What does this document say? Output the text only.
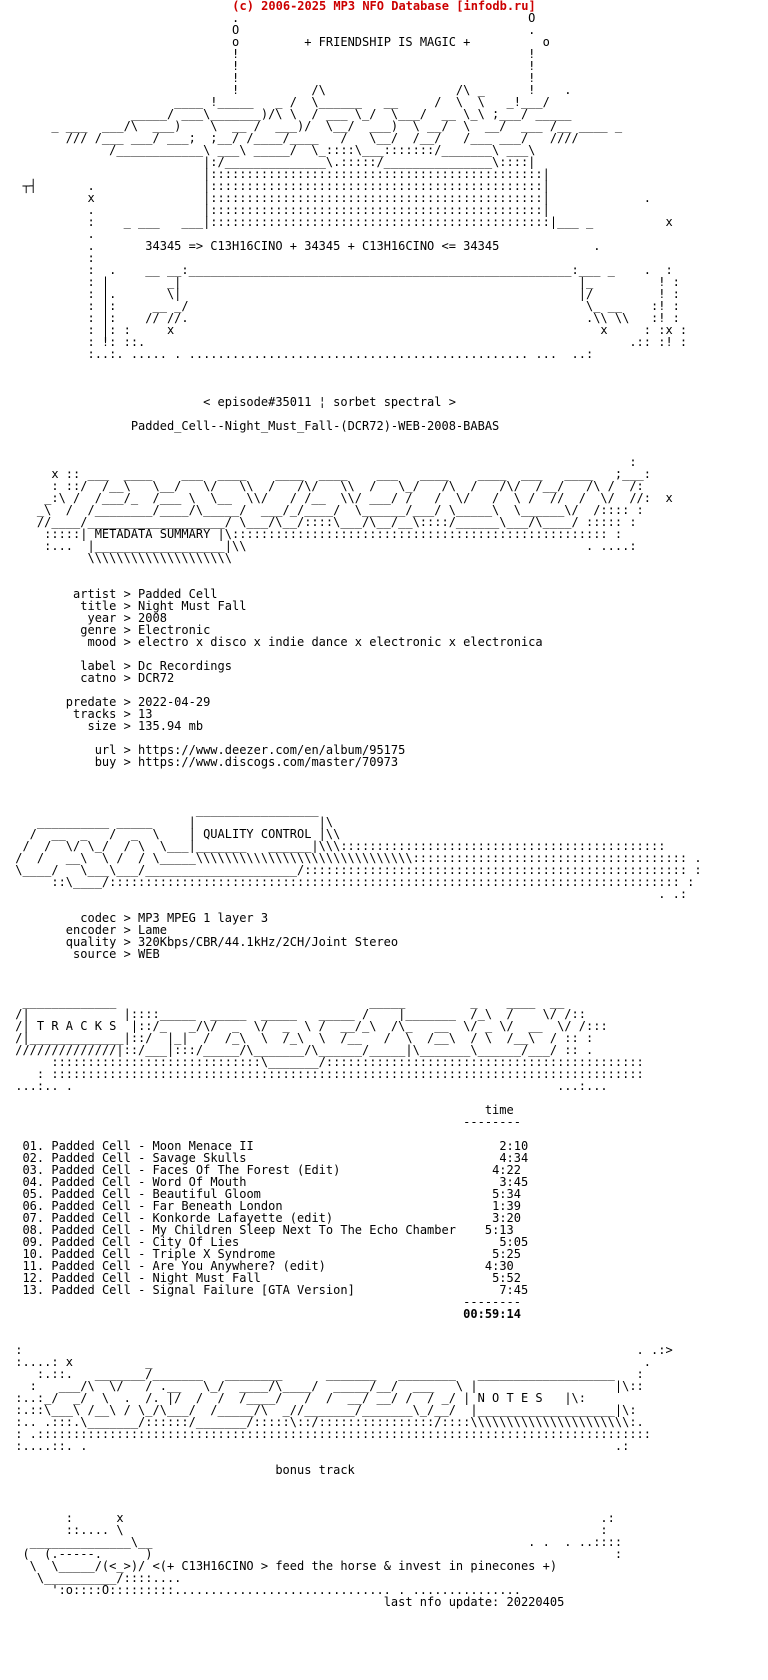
(c) 2006-2025 MP3 NFO Database [infodb.ru]
.                                        O
O                                        .
o         + FRIENDSHIP IS MAGIC +          o
!                                        !
!                                        !
!                                        !
!          /\                  /\ _      !    .
____ !_____   _ /  \______   __     /  \  \   _!___/
_____/ ___\_______)/\ \  / ___ \_/  \___/  __ \_\ ;___/ _____
_ ___  ___/\  ___)    \  __ /  ___)/  \__/  ___)  \ __/  \  __/  ___ /__ ____ _
/// /___ ___/ ___;  ;__/ /____/____   /   \__/  /__/   /___ ___/   ////
/____________\ ___\ _____/  \_::::\___:::::::/_______\ ___\
|:/______________\.:::::/_______________\::::|
|::::::::::::::::::::::::::::::::::::::::::::::|
┬┤       .               |::::::::::::::::::::::::::::::::::::::::::::::|
x               |::::::::::::::::::::::::::::::::::::::::::::::|             .
.               |::::::::::::::::::::::::::::::::::::::::::::::|
:    _ ___   ___|:::::::::::::::::::::::::::::::::::::::::::::::|___ _          x
.
.       34345 => C13H16CINO + 34345 + C13H16CINO <= 34345             .
:
:  .    __ __:_____________________________________________________:___ _    .  :
: |        _|                                                       |_         ! :
: |.       \|                                                       |/         ! :
: |:     __ _/                                                       \_ __    :! :
: |:    // //.                                                       .\\ \\   :! :
: |: :     x                                                           x     : :x :
: !: ::.                                                                   .:: :! :
:..:. ..... . ............................................... ...  ..:
< episode#35011 ¦ sorbet spectral >
Padded_Cell--Night_Must_Fall-(DCR72)-WEB-2008-BABAS
:
x :: ___  ____    ___  ____    ____  ____    ___   ____    ____  ___   ____   ;___:
: ::/  /__\   \__/   \/   \\  /   /\/   \\  /   \_/   /\  /   /\/  /__/   /\ /  /:
_:\ /  /___/_  /___ \  \__  \\/   / /__  \\/ ___/ /   /  \/   /  \ /  //  /  \/  //:  x
_\  /  /________/____/\_____/  ___/_/____/  \______/___/ \_____\  \______\/  /:::: :
//____/___________________/ \___/\__/::::\___/\__/__\::::/______\___/\____/ ::::: :
:::::| METADATA SUMMARY |\:::::::::::::::::::::::::::::::::::::::::::::::::::: :
:...  |__________________|\\                                               . ....:
\\\\\\\\\\\\\\\\\\\\
artist > Padded Cell
title > Night Must Fall
year > 2008
genre > Electronic
mood > electro x disco x indie dance x electronic x electronica
label > Dc Recordings
catno > DCR72
predate > 2022-04-29
tracks > 13
size > 135.94 mb
url > https://www.deezer.com/en/album/95175
buy > https://www.discogs.com/master/70973
_________________
__________ _____     |                 |\
/  __  _   /  _  \    | QUALITY CONTROL |\\
/  /  \/ \_/  / \  \___|_______   ______|\\\:::::::::::::::::::::::::::::::::::::::::::::
/  /   __\  \ /  / \_____\\\\\\\\\\\\\\\\\\\\\\\\\\\\\\:::::::::::::::::::::::::::::::::::::: .
\____/   \___\___/_____________________/::::::::::::::::::::::::::::::::::::::::::::::::::::: :
::\____/::::::::::::::::::::::::::::::::::::::::::::::::::::::::::::::::::::::::::::::: :
. .:
codec > MP3 MPEG 1 layer 3
encoder > Lame
quality > 320Kbps/CBR/44.1kHz/2CH/Joint Stereo
source > WEB
_____________                                   _____         _    ____  __
/|             |::::_____  _____  _____   _____ /    |_______  /_\  /    \/ /::
/| T R A C K S  |::/_   _/\/  _  \/  _  \ /  __/_\  /\_   __  \/ _ \/  __  \/ /:::
/|_____________|::/  |_|  /  /_\  \  /_\  \  /__   /  \  /__\  / \  /__\  / :: :
//////////////|::/___|:::/_____/\_______/\______/_____|\_______\______/___/ :: .
:::::::::::::::::::::::::::::\_______/::::::::::::::::::::::::::::::::::::::::::::
: ::::::::::::::::::::::::::::::::::::::::::::::::::::::::::::::::::::::::::::::::::
...:.. .                                                                   ...:...
time
--------
01. Padded Cell - Moon Menace II	2:10
02. Padded Cell - Savage Skulls	4:34
03. Padded Cell - Faces Of The Forest (Edit)	4:22
04. Padded Cell - Word Of Mouth	3:45
05. Padded Cell - Beautiful Gloom	5:34
06. Padded Cell - Far Beneath London	1:39
07. Padded Cell - Konkorde Lafayette (edit)	3:20
08. Padded Cell - My Children Sleep Next To The Echo Chamber 5:13
09. Padded Cell - City Of Lies	5:05
10. Padded Cell - Triple X Syndrome	5:25
11. Padded Cell - Are You Anywhere? (edit)	4:30
12. Padded Cell - Night Must Fall	5:52
13. Padded Cell - Signal Failure [GTA Version]	7:45
--------
00:59:14
:                                                                                     . .:>
:....: x          _                                                                    .
:.::.   _______/_______   ________      _______   ________   ___________________   :
:   ___/\  \/   / .__   \_/  ____/\____/  _____/__/  ___   \ |                   |\::
:..:_/  _/  \  .  /. |/  /  /  /____/   /  /  __/ __/ /  / _/ | N O T E S   |\:
:.::\___\ /__\ / \_/\___/  /_____/\  _//_______/_______\_/__/  |___________________|\:
:.. .:::.\_______/::::::/_______/:::::\::/::::::::::::::::/::::\\\\\\\\\\\\\\\\\\\\\\:.
: .:::::::::::::::::::::::::::::::::::::::::::::::::::::::::::::::::::::::::::::::::::::
:....::. .                                                                         .:
bonus track
:      x                                                                  .:
::.... \                                                                  :
______________\__                                                    . .  . ..::::
(  (.-----.      )                                                                :
\  \_____/(<_>)/ <(+ C13H16CINO > feed the horse & invest in pinecones +)
\__________/::::....
':o::::O:::::::::.............................. . ...............
last nfo update: 20220405
